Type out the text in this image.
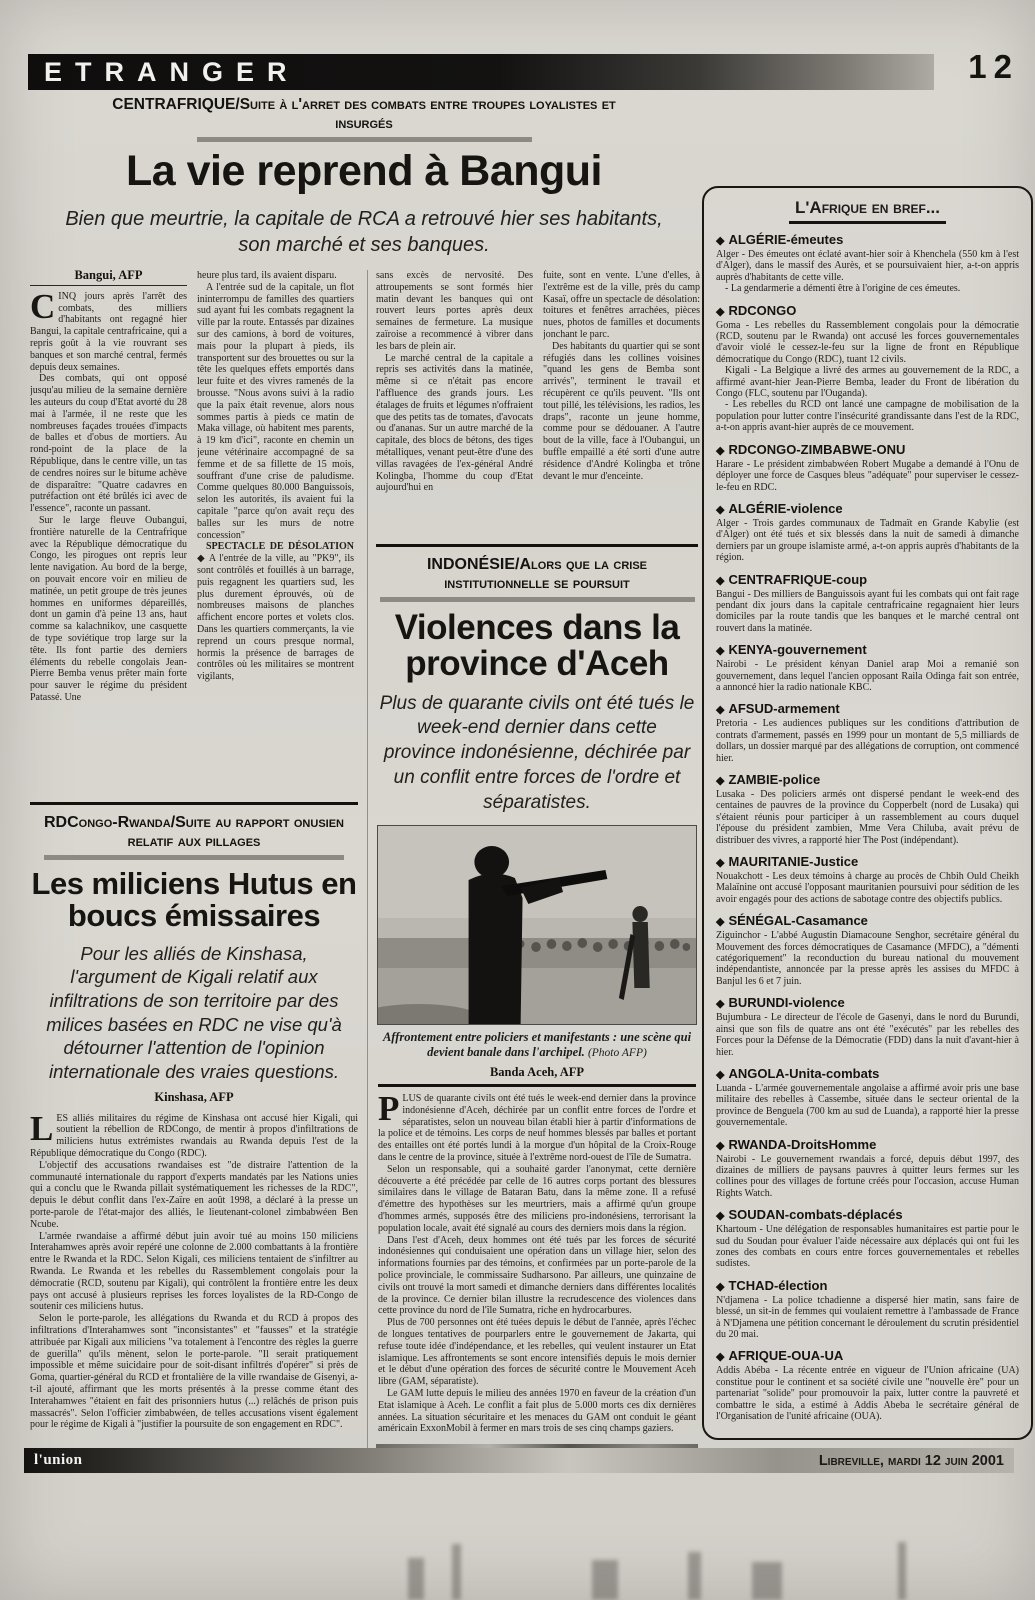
ETRANGER	12
CENTRAFRIQUE/Suite à l'arret des combats entre troupes loyalistes et insurgés
La vie reprend à Bangui
Bien que meurtrie, la capitale de RCA a retrouvé hier ses habitants, son marché et ses banques.
Bangui, AFP

CINQ jours après l'arrêt des combats, des milliers d'habitants ont regagné hier Bangui, la capitale centrafricaine, qui a repris goût à la vie rouvrant ses banques et son marché central, fermés depuis deux semaines.

Des combats, qui ont opposé jusqu'au milieu de la semaine dernière les auteurs du coup d'Etat avorté du 28 mai à l'armée, il ne reste que les nombreuses façades trouées d'impacts de balles et d'obus de mortiers. Au rond-point de la place de la République, dans le centre ville, un tas de cendres noires sur le bitume achève de disparaître: "Quatre cadavres en putréfaction ont été brûlés ici avec de l'essence", raconte un passant.

Sur le large fleuve Oubangui, frontière naturelle de la Centrafrique avec la République démocratique du Congo, les pirogues ont repris leur lente navigation. Au bord de la berge, on pouvait encore voir en milieu de matinée, un petit groupe de très jeunes hommes en uniformes dépareillés, dont un gamin d'à peine 13 ans, haut comme sa kalachnikov, une casquette de type soviétique trop large sur la tête. Ils font partie des derniers éléments du rebelle congolais Jean-Pierre Bemba venus prêter main forte pour sauver le régime du président Patassé. Une

heure plus tard, ils avaient disparu.

A l'entrée sud de la capitale, un flot ininterrompu de familles des quartiers sud ayant fui les combats regagnent la ville par la route. Entassés par dizaines sur des camions, à bord de voitures, mais pour la plupart à pieds, ils transportent sur des brouettes ou sur la tête les quelques effets emportés dans leur fuite et des vivres ramenés de la brousse. "Nous avons suivi à la radio que la paix était revenue, alors nous sommes partis à pieds ce matin de Maka village, où habitent mes parents, à 19 km d'ici", raconte en chemin un jeune vétérinaire accompagné de sa femme et de sa fillette de 15 mois, souffrant d'une crise de paludisme. Comme quelques 80.000 Banguissois, selon les autorités, ils avaient fui la capitale "parce qu'on avait reçu des balles sur les murs de notre concession"

SPECTACLE DE DÉSOLATION ◆ A l'entrée de la ville, au "PK9", ils sont contrôlés et fouillés à un barrage, puis regagnent les quartiers sud, les plus durement éprouvés, où de nombreuses maisons de planches affichent encore portes et volets clos. Dans les quartiers commerçants, la vie reprend un cours presque normal, hormis la présence de barrages de contrôles où les militaires se montrent vigilants,

RDCongo-Rwanda/Suite au rapport onusien relatif aux pillages
Les miliciens Hutus en boucs émissaires
Pour les alliés de Kinshasa, l'argument de Kigali relatif aux infiltrations de son territoire par des milices basées en RDC ne vise qu'à détourner l'attention de l'opinion internationale des vraies questions.
Kinshasa, AFP

LES alliés militaires du régime de Kinshasa ont accusé hier Kigali, qui soutient la rébellion de RDCongo, de mentir à propos d'infiltrations de miliciens hutus extrémistes rwandais au Rwanda depuis l'est de la République démocratique du Congo (RDC).

L'objectif des accusations rwandaises est "de distraire l'attention de la communauté internationale du rapport d'experts mandatés par les Nations unies qui a conclu que le Rwanda pillait systématiquement les richesses de la RDC", depuis le début conflit dans l'ex-Zaïre en août 1998, a déclaré à la presse un porte-parole de l'état-major des alliés, le lieutenant-colonel zimbabwéen Ben Ncube.

L'armée rwandaise a affirmé début juin avoir tué au moins 150 miliciens Interahamwes après avoir repéré une colonne de 2.000 combattants à la frontière entre le Rwanda et la RDC. Selon Kigali, ces miliciens tentaient de s'infiltrer au Rwanda. Le Rwanda et les rebelles du Rassemblement congolais pour la démocratie (RCD, soutenu par Kigali), qui contrôlent la frontière entre les deux pays ont accusé à plusieurs reprises les forces loyalistes de la RD-Congo de soutenir ces miliciens hutus.

Selon le porte-parole, les allégations du Rwanda et du RCD à propos des infiltrations d'Interahamwes sont "inconsistantes" et "fausses" et la stratégie attribuée par Kigali aux miliciens "va totalement à l'encontre des règles la guerre de guerilla" qu'ils mènent, selon le porte-parole. "Il serait pratiquement impossible et même suicidaire pour de soit-disant infiltrés d'opérer" si près de Goma, quartier-général du RCD et frontalière de la ville rwandaise de Gisenyi, a-t-il ajouté, affirmant que les morts présentés à la presse comme étant des Interahamwes "étaient en fait des prisonniers hutus (...) relâchés de prison puis massacrés". Selon l'officier zimbabwéen, de telles accusations visent également pour le régime de Kigali à "justifier la poursuite de son engagement en RDC".

sans excès de nervosité. Des attroupements se sont formés hier matin devant les banques qui ont rouvert leurs portes après deux semaines de fermeture. La musique zaïroise a recommencé à vibrer dans les bars de plein air.

Le marché central de la capitale a repris ses activités dans la matinée, même si ce n'était pas encore l'affluence des grands jours. Les étalages de fruits et légumes n'offraient que des petits tas de tomates, d'avocats ou d'ananas. Sur un autre marché de la capitale, des blocs de bétons, des tiges métalliques, venant peut-être d'une des villas ravagées de l'ex-général André Kolingba, l'homme du coup d'Etat aujourd'hui en

fuite, sont en vente. L'une d'elles, à l'extrême est de la ville, près du camp Kasaï, offre un spectacle de désolation: toitures et fenêtres arrachées, pièces nues, photos de familles et documents jonchant le parc.

Des habitants du quartier qui se sont réfugiés dans les collines voisines "quand les gens de Bemba sont arrivés", terminent le travail et récupèrent ce qu'ils peuvent. "Ils ont tout pillé, les télévisions, les radios, les draps", raconte un jeune homme, comme pour se dédouaner. A l'autre bout de la ville, face à l'Oubangui, un buffle empaillé a été sorti d'une autre résidence d'André Kolingba et trône devant le mur d'enceinte.

INDONÉSIE/Alors que la crise institutionnelle se poursuit
Violences dans la province d'Aceh
Plus de quarante civils ont été tués le week-end dernier dans cette province indonésienne, déchirée par un conflit entre forces de l'ordre et séparatistes.
Affrontement entre policiers et manifestants : une scène qui devient banale dans l'archipel. (Photo AFP)
Banda Aceh, AFP

PLUS de quarante civils ont été tués le week-end dernier dans la province indonésienne d'Aceh, déchirée par un conflit entre forces de l'ordre et séparatistes, selon un nouveau bilan établi hier à partir d'informations de la police et de témoins. Les corps de neuf hommes blessés par balles et portant des entailles ont été portés lundi à la morgue d'un hôpital de la Croix-Rouge dans le centre de la province, située à l'extrême nord-ouest de l'île de Sumatra.

Selon un responsable, qui a souhaité garder l'anonymat, cette dernière découverte a été précédée par celle de 16 autres corps portant des blessures similaires dans le village de Bataran Batu, dans la même zone. Il a refusé d'émettre des hypothèses sur les meurtriers, mais a affirmé qu'un groupe d'hommes armés, supposés être des miliciens pro-indonésiens, terrorisant la population locale, avait été signalé au cours des derniers mois dans la région.

Dans l'est d'Aceh, deux hommes ont été tués par les forces de sécurité indonésiennes qui conduisaient une opération dans un village hier, selon des informations fournies par des témoins, et confirmées par un porte-parole de la police provinciale, le commissaire Sudharsono. Par ailleurs, une quinzaine de civils ont trouvé la mort samedi et dimanche derniers dans différentes localités de la province. Ce dernier bilan illustre la recrudescence des violences dans cette province du nord de l'île Sumatra, riche en hydrocarbures.

Plus de 700 personnes ont été tuées depuis le début de l'année, après l'échec de longues tentatives de pourparlers entre le gouvernement de Jakarta, qui refuse toute idée d'indépendance, et les rebelles, qui veulent instaurer un Etat islamique. Les affrontements se sont encore intensifiés depuis le mois dernier et le début d'une opération des forces de sécurité contre le Mouvement Aceh libre (GAM, séparatiste).

Le GAM lutte depuis le milieu des années 1970 en faveur de la création d'un Etat islamique à Aceh. Le conflit a fait plus de 5.000 morts ces dix dernières années. La situation sécuritaire et les menaces du GAM ont conduit le géant américain ExxonMobil à fermer en mars trois de ses cinq champs gaziers.

L'Afrique en bref...
◆ ALGÉRIE-émeutes

Alger - Des émeutes ont éclaté avant-hier soir à Khenchela (550 km à l'est d'Alger), dans le massif des Aurès, et se poursuivaient hier, a-t-on appris auprès d'habitants de cette ville.

- La gendarmerie a démenti être à l'origine de ces émeutes.

◆ RDCONGO

Goma - Les rebelles du Rassemblement congolais pour la démocratie (RCD, soutenu par le Rwanda) ont accusé les forces gouvernementales d'avoir violé le cessez-le-feu sur la ligne de front en République démocratique du Congo (RDC), tuant 12 civils.

Kigali - La Belgique a livré des armes au gouvernement de la RDC, a affirmé avant-hier Jean-Pierre Bemba, leader du Front de libération du Congo (FLC, soutenu par l'Ouganda).

- Les rebelles du RCD ont lancé une campagne de mobilisation de la population pour lutter contre l'insécurité grandissante dans l'est de la RDC, a-t-on appris avant-hier auprès de ce mouvement.

◆ RDCONGO-ZIMBABWE-ONU

Harare - Le président zimbabwéen Robert Mugabe a demandé à l'Onu de déployer une force de Casques bleus "adéquate" pour superviser le cessez-le-feu en RDC.

◆ ALGÉRIE-violence

Alger - Trois gardes communaux de Tadmaït en Grande Kabylie (est d'Alger) ont été tués et six blessés dans la nuit de samedi à dimanche derniers par un groupe islamiste armé, a-t-on appris auprès d'habitants de la région.

◆ CENTRAFRIQUE-coup

Bangui - Des milliers de Banguissois ayant fui les combats qui ont fait rage pendant dix jours dans la capitale centrafricaine regagnaient hier leurs domiciles par la route tandis que les banques et le marché central ont rouvert dans la matinée.

◆ KENYA-gouvernement

Nairobi - Le président kényan Daniel arap Moi a remanié son gouvernement, dans lequel l'ancien opposant Raila Odinga fait son entrée, a annoncé hier la radio nationale KBC.

◆ AFSUD-armement

Pretoria - Les audiences publiques sur les conditions d'attribution de contrats d'armement, passés en 1999 pour un montant de 5,5 milliards de dollars, un dossier marqué par des allégations de corruption, ont commencé hier.

◆ ZAMBIE-police

Lusaka - Des policiers armés ont dispersé pendant le week-end des centaines de pauvres de la province du Copperbelt (nord de Lusaka) qui s'étaient réunis pour participer à un rassemblement au cours duquel l'épouse du président zambien, Mme Vera Chiluba, avait prévu de distribuer des vivres, a rapporté hier The Post (indépendant).

◆ MAURITANIE-Justice

Nouakchott - Les deux témoins à charge au procès de Chbih Ould Cheikh Malaïnine ont accusé l'opposant mauritanien poursuivi pour sédition de les avoir engagés pour des actions de sabotage contre des objectifs publics.

◆ SÉNÉGAL-Casamance

Ziguinchor - L'abbé Augustin Diamacoune Senghor, secrétaire général du Mouvement des forces démocratiques de Casamance (MFDC), a "démenti catégoriquement" la reconduction du bureau national du mouvement indépendantiste, annoncée par la presse après les assises du MFDC à Banjul les 6 et 7 juin.

◆ BURUNDI-violence

Bujumbura - Le directeur de l'école de Gasenyi, dans le nord du Burundi, ainsi que son fils de quatre ans ont été "exécutés" par les rebelles des Forces pour la Défense de la Démocratie (FDD) dans la nuit d'avant-hier à hier.

◆ ANGOLA-Unita-combats

Luanda - L'armée gouvernementale angolaise a affirmé avoir pris une base militaire des rebelles à Cassembe, située dans le secteur oriental de la province de Benguela (700 km au sud de Luanda), a rapporté hier la presse gouvernementale.

◆ RWANDA-DroitsHomme

Nairobi - Le gouvernement rwandais a forcé, depuis début 1997, des dizaines de milliers de paysans pauvres à quitter leurs fermes sur les collines pour des villages de fortune créés pour l'occasion, accuse Human Rights Watch.

◆ SOUDAN-combats-déplacés

Khartoum - Une délégation de responsables humanitaires est partie pour le sud du Soudan pour évaluer l'aide nécessaire aux déplacés qui ont fui les zones des combats en cours entre forces gouvernementales et rebelles sudistes.

◆ TCHAD-élection

N'djamena - La police tchadienne a dispersé hier matin, sans faire de blessé, un sit-in de femmes qui voulaient remettre à l'ambassade de France à N'Djamena une pétition concernant le déroulement du scrutin présidentiel du 20 mai.

◆ AFRIQUE-OUA-UA

Addis Abéba - La récente entrée en vigueur de l'Union africaine (UA) constitue pour le continent et sa société civile une "nouvelle ère" pour un partenariat "solide" pour promouvoir la paix, lutter contre la pauvreté et combattre le sida, a estimé à Addis Abeba le secrétaire général de l'Organisation de l'unité africaine (OUA).

l'union	Libreville, mardi 12 juin 2001
